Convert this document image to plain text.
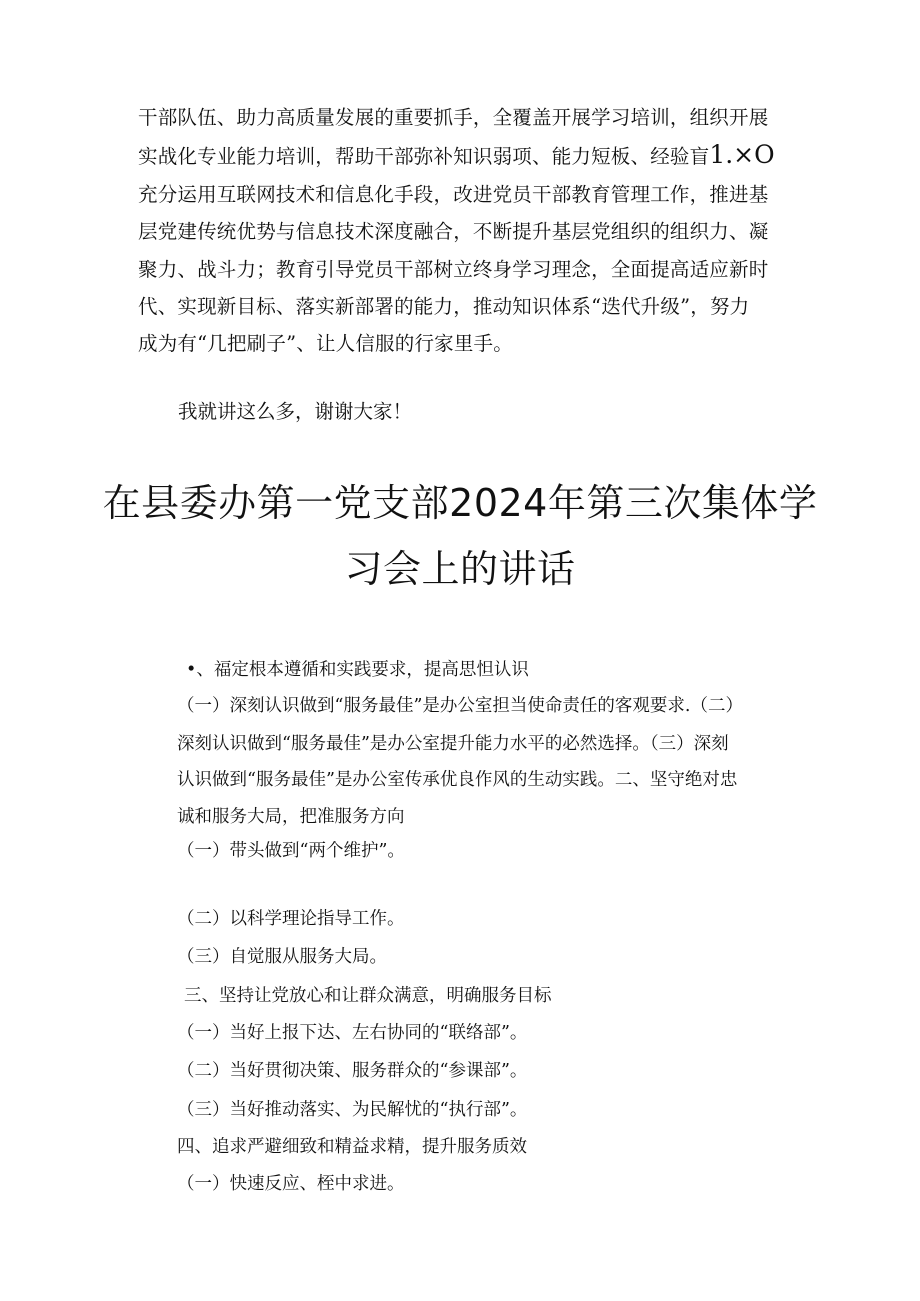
干部队伍、助力高质量发展的重要抓手，全覆盖开展学习培训，组织开展
实战化专业能力培训，帮助干部弥补知识弱项、能力短板、经验盲1.×O
充分运用互联网技术和信息化手段，改进党员干部教育管理工作，推进基
层党建传统优势与信息技术深度融合，不断提升基层党组织的组织力、凝
聚力、战斗力；教育引导党员干部树立终身学习理念，全面提高适应新时
代、实现新目标、落实新部署的能力，推动知识体系“迭代升级”，努力
成为有“几把刷子”、让人信服的行家里手。

我就讲这么多，谢谢大家！

在县委办第一党支部2024年第三次集体学
习会上的讲话

•、福定根本遵循和实践要求，提高思怛认识

（一）深刻认识做到“服务最佳”是办公室担当使命责任的客观要求.（二）

深刻认识做到“服务最佳”是办公室提升能力水平的必然选择。（三）深刻

认识做到“服务最佳”是办公室传承优良作风的生动实践。二、坚守绝对忠

诚和服务大局，把准服务方向

（一）带头做到“两个维护”。

（二）以科学理论指导工作。

（三）自觉服从服务大局。

三、坚持让党放心和让群众满意，明确服务目标

（一）当好上报下达、左右协同的“联络部”。

（二）当好贯彻决策、服务群众的“参课部”。

（三）当好推动落实、为民解忧的“执行部”。

四、追求严避细致和精益求精，提升服务质效

（一）快速反应、桎中求进。
